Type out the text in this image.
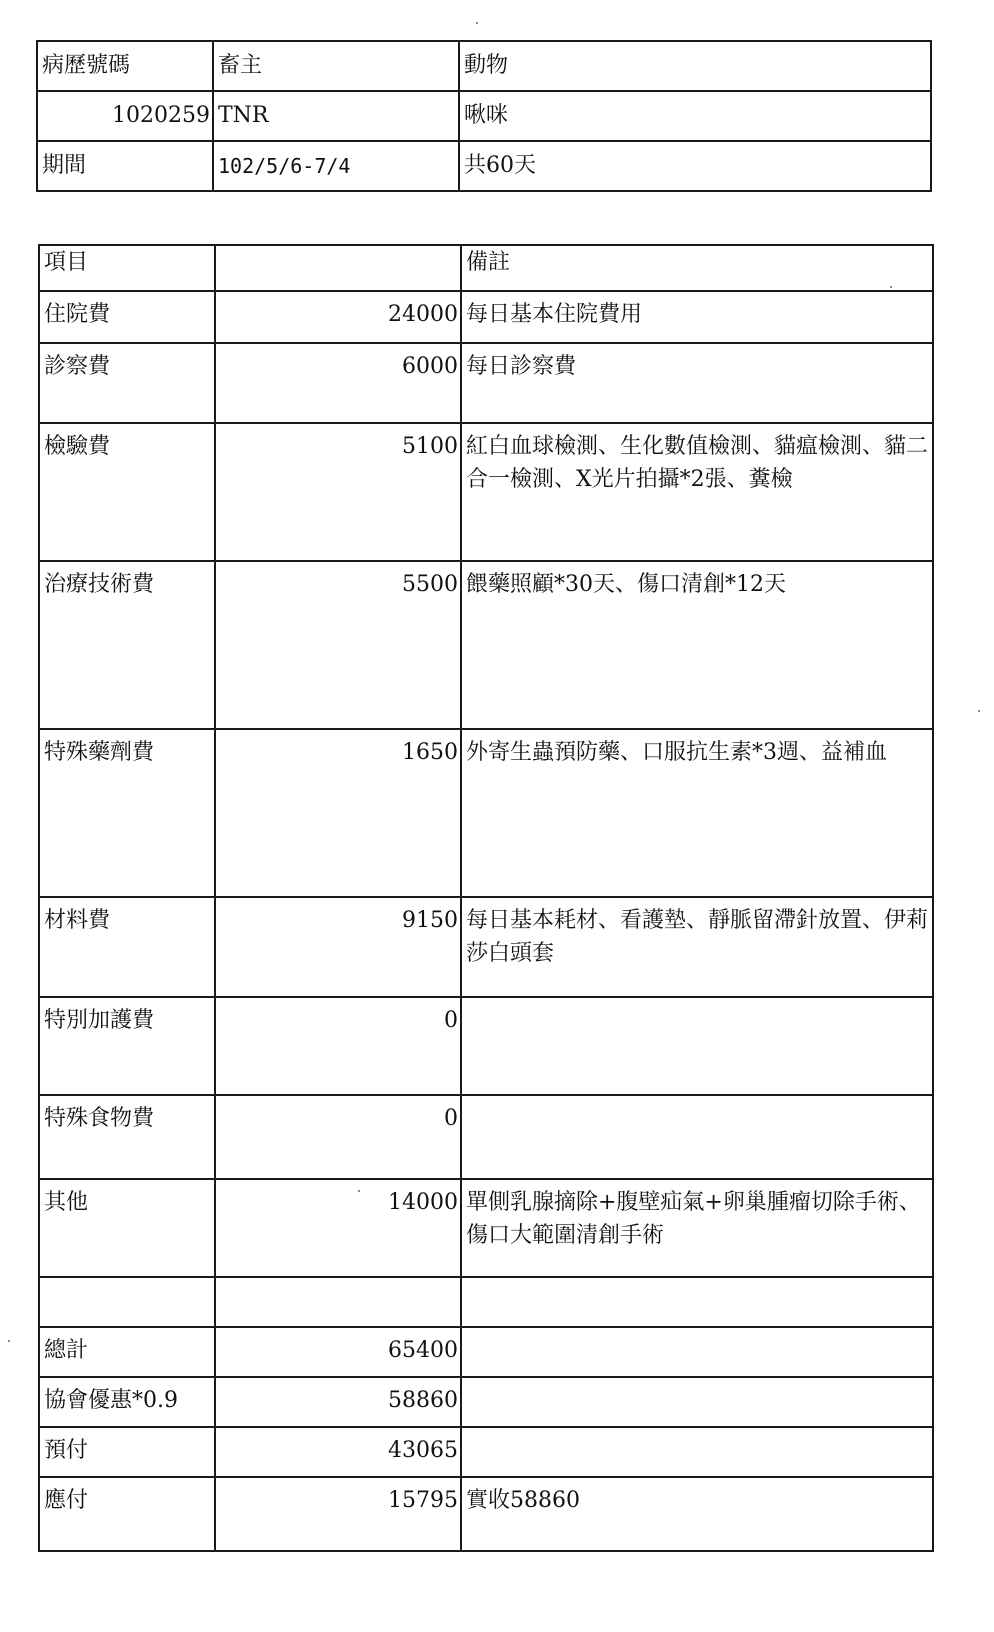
病歷號碼	畜主	動物
1020259	TNR	啾咪
期間	102/5/6-7/4	共60天
項目		備註
住院費	24000	每日基本住院費用
診察費	6000	每日診察費
檢驗費	5100	紅白血球檢測、生化數值檢測、貓瘟檢測、貓二合一檢測、X光片拍攝*2張、糞檢
治療技術費	5500	餵藥照顧*30天、傷口清創*12天
特殊藥劑費	1650	外寄生蟲預防藥、口服抗生素*3週、益補血
材料費	9150	每日基本耗材、看護墊、靜脈留滯針放置、伊莉莎白頭套
特別加護費	0	
特殊食物費	0	
其他	14000	單側乳腺摘除+腹壁疝氣+卵巢腫瘤切除手術、傷口大範圍清創手術

總計	65400	
協會優惠*0.9	58860	
預付	43065	
應付	15795	實收58860
